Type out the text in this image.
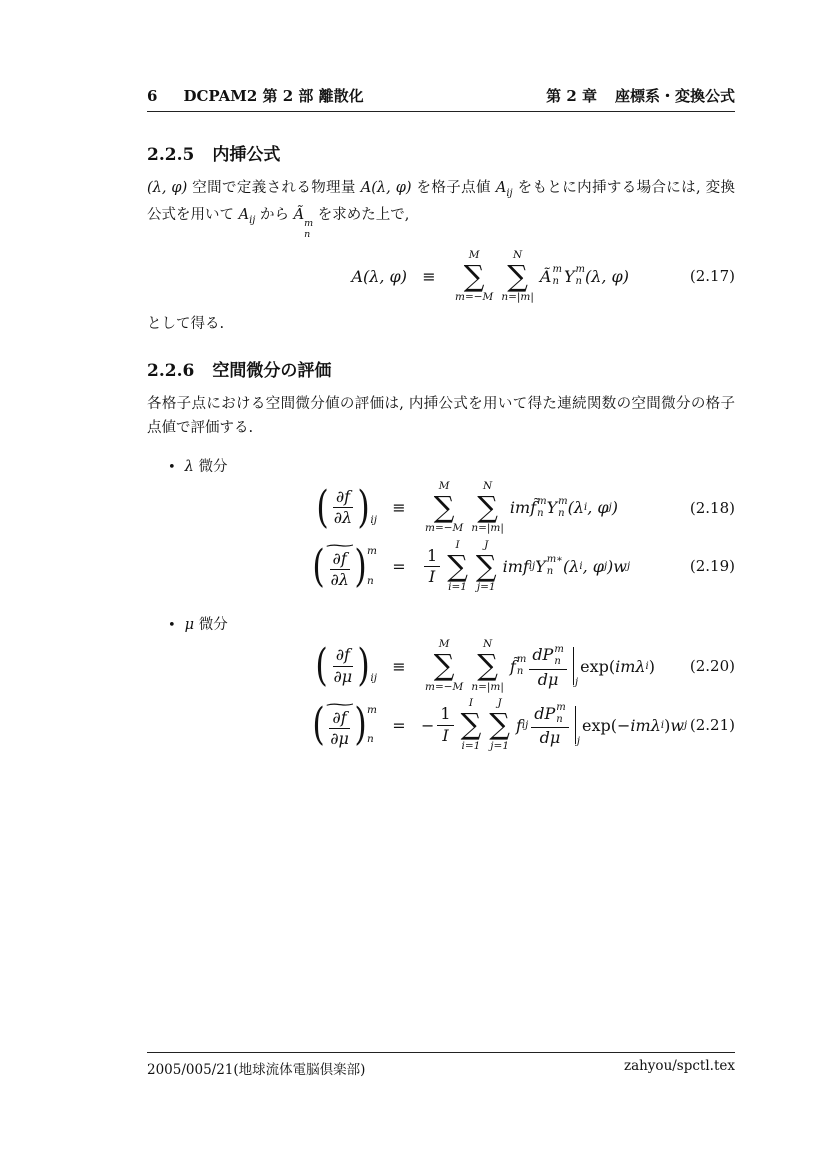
6 DCPAM2 第 2 部 離散化	第 2 章 座標系・変換公式
2.2.5 内挿公式
(λ, φ) 空間で定義される物理量 A(λ, φ) を格子点値 $A_{ij}$ をもとに内挿する場合には, 変換公式を用いて $A_{ij}$ から Ã
m
n
を求めた上で,
A(λ, φ) ≡
M
∑
m=−M
N
∑
n=|m|
Ã m
n Y m
n (λ, φ)	(2.17)
として得る.
2.2.6 空間微分の評価
各格子点における空間微分値の評価は, 内挿公式を用いて得た連続関数の空間微分の格子点値で評価する.
• λ 微分
( $\frac{\partial f}{\partial\lambda}$ ) ij
≡
M
∑
m=−M
N
∑
n=|m|
im f̃ m
n Y m
n (λ i , φ j )	(2.18)
(
∼
$\frac{\partial f}{\partial\lambda}$ ) m
n
= $\frac{1}{I}$
I
∑
i=1
J
∑
j=1
im f ij Y m∗
n (λ i , φ j ) w j	(2.19)
• μ 微分
( $\frac{\partial f}{\partial\mu}$ ) ij
≡
M
∑
m=−M
N
∑
n=|m|
f̃ m
n dP m
n
dμ $_j$
exp( imλ i ) (2.20)
(
∼
$\frac{\partial f}{\partial\mu}$ ) m
n
= − $\frac{1}{I}$
I
∑
i=1
J
∑
j=1
f ij dP m
n
dμ $_j$
exp( −imλ i ) w j (2.21)
2005/005/21(地球流体電脳倶楽部)	zahyou/spctl.tex
